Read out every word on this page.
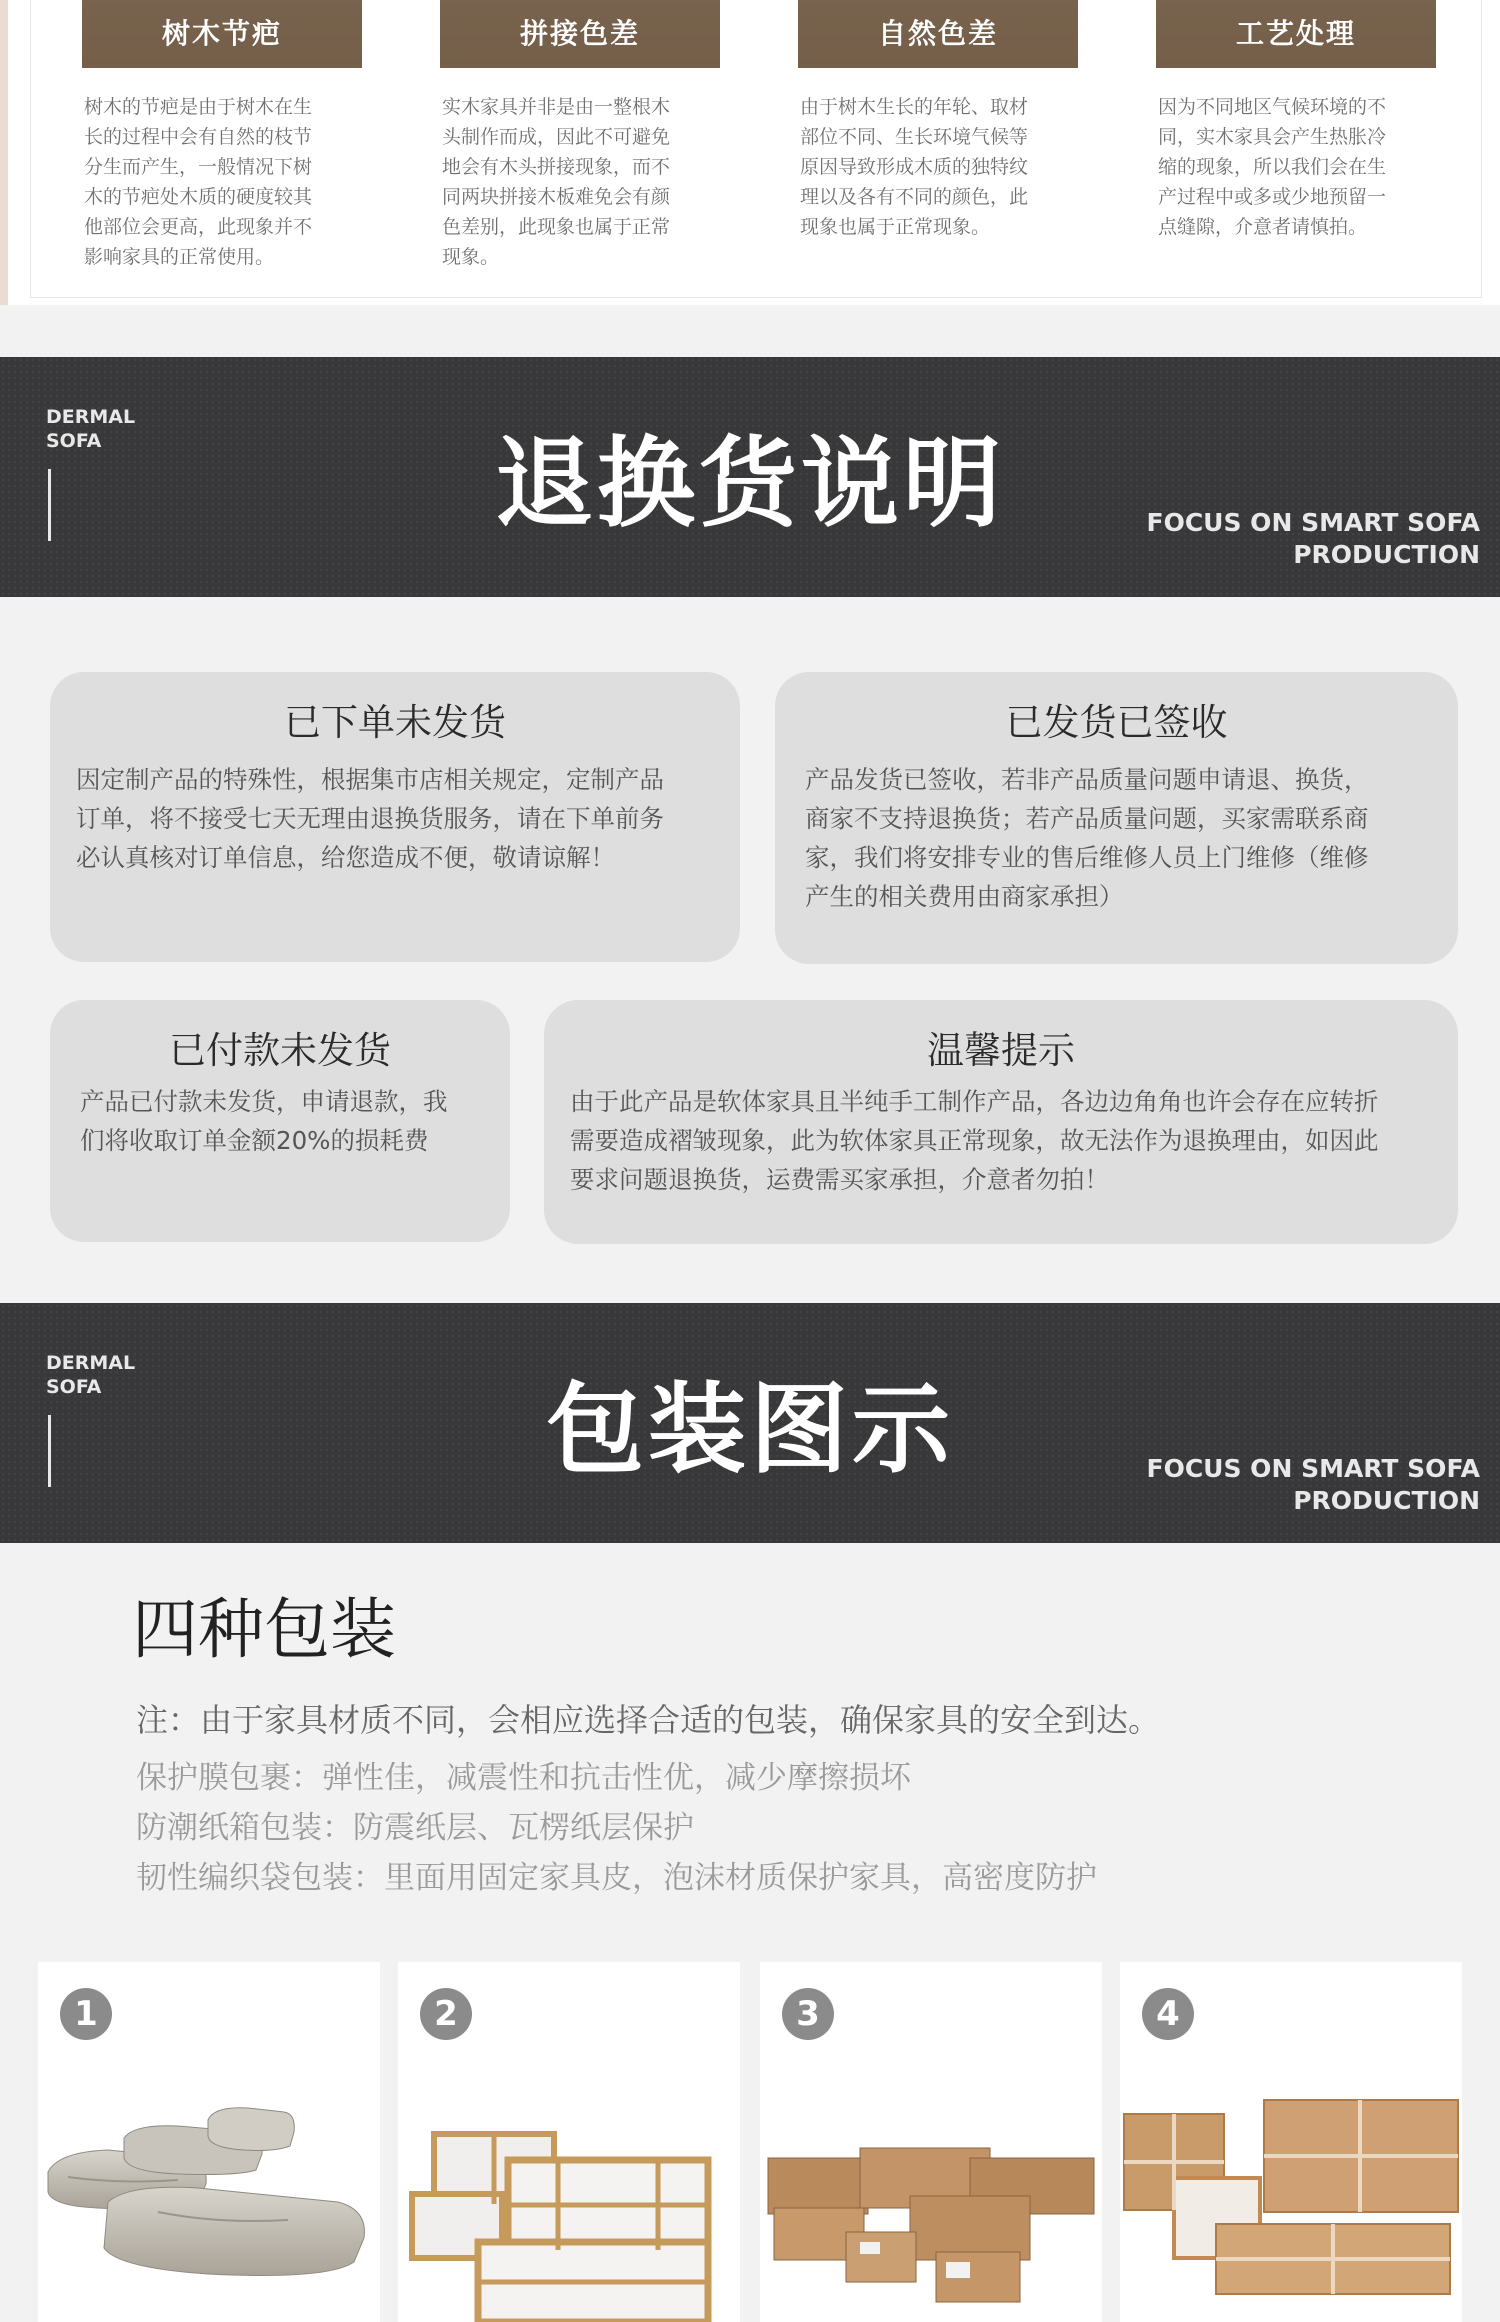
树木节疤
树木的节疤是由于树木在生
长的过程中会有自然的枝节
分生而产生，一般情况下树
木的节疤处木质的硬度较其
他部位会更高，此现象并不
影响家具的正常使用。
拼接色差
实木家具并非是由一整根木
头制作而成，因此不可避免
地会有木头拼接现象，而不
同两块拼接木板难免会有颜
色差别，此现象也属于正常
现象。
自然色差
由于树木生长的年轮、取材
部位不同、生长环境气候等
原因导致形成木质的独特纹
理以及各有不同的颜色，此
现象也属于正常现象。
工艺处理
因为不同地区气候环境的不
同，实木家具会产生热胀冷
缩的现象，所以我们会在生
产过程中或多或少地预留一
点缝隙，介意者请慎拍。
DERMAL
SOFA	退换货说明	FOCUS ON SMART SOFA
PRODUCTION
已下单未发货
因定制产品的特殊性，根据集市店相关规定，定制产品
订单，将不接受七天无理由退换货服务，请在下单前务
必认真核对订单信息，给您造成不便，敬请谅解！
已发货已签收
产品发货已签收，若非产品质量问题申请退、换货，
商家不支持退换货；若产品质量问题，买家需联系商
家，我们将安排专业的售后维修人员上门维修（维修
产生的相关费用由商家承担）
已付款未发货
产品已付款未发货，申请退款，我
们将收取订单金额20%的损耗费
温馨提示
由于此产品是软体家具且半纯手工制作产品，各边边角角也许会存在应转折
需要造成褶皱现象，此为软体家具正常现象，故无法作为退换理由，如因此
要求问题退换货，运费需买家承担，介意者勿拍！
DERMAL
SOFA	包装图示	FOCUS ON SMART SOFA
PRODUCTION
四种包装
注：由于家具材质不同，会相应选择合适的包装，确保家具的安全到达。
保护膜包裹：弹性佳，减震性和抗击性优，减少摩擦损坏
防潮纸箱包装：防震纸层、瓦楞纸层保护
韧性编织袋包装：里面用固定家具皮，泡沫材质保护家具，高密度防护
1	2	3	4
